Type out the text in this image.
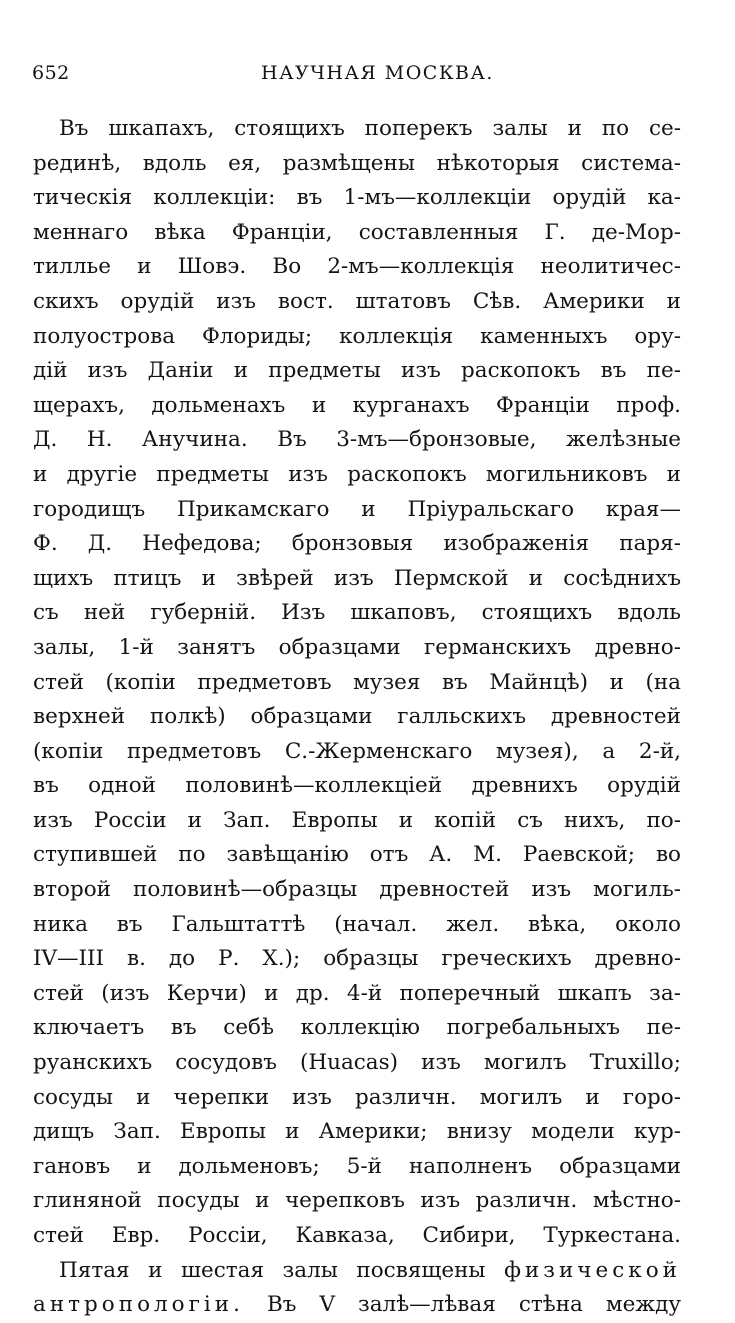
652	НАУЧНАЯ МОСКВА.
Въ шкапахъ, стоящихъ поперекъ залы и по се-
рединѣ, вдоль ея, размѣщены нѣкоторыя система-
тическія коллекціи: въ 1-мъ—коллекціи орудій ка-
меннаго вѣка Франціи, составленныя Г. де-Мор-
тиллье и Шовэ. Во 2-мъ—коллекція неолитичес-
скихъ орудій изъ вост. штатовъ Сѣв. Америки и
полуострова Флориды; коллекція каменныхъ ору-
дій изъ Даніи и предметы изъ раскопокъ въ пе-
щерахъ, дольменахъ и курганахъ Франціи проф.
Д. Н. Анучина. Въ 3-мъ—бронзовые, желѣзные
и другіе предметы изъ раскопокъ могильниковъ и
городищъ Прикамскаго и Пріуральскаго края—
Ф. Д. Нефедова; бронзовыя изображенія паря-
щихъ птицъ и звѣрей изъ Пермской и сосѣднихъ
съ ней губерній. Изъ шкаповъ, стоящихъ вдоль
залы, 1-й занятъ образцами германскихъ древно-
стей (копіи предметовъ музея въ Майнцѣ) и (на
верхней полкѣ) образцами галльскихъ древностей
(копіи предметовъ С.-Жерменскаго музея), а 2-й,
въ одной половинѣ—коллекціей древнихъ орудій
изъ Россіи и Зап. Европы и копій съ нихъ, по-
ступившей по завѣщанію отъ А. М. Раевской; во
второй половинѣ—образцы древностей изъ могиль-
ника въ Гальштаттѣ (начал. жел. вѣка, около
IV—III в. до Р. Х.); образцы греческихъ древно-
стей (изъ Керчи) и др. 4-й поперечный шкапъ за-
ключаетъ въ себѣ коллекцію погребальныхъ пе-
руанскихъ сосудовъ (Huacas) изъ могилъ Truxillo;
сосуды и черепки изъ различн. могилъ и горо-
дищъ Зап. Европы и Америки; внизу модели кур-
гановъ и дольменовъ; 5-й наполненъ образцами
глиняной посуды и черепковъ изъ различн. мѣстно-
стей Евр. Россіи, Кавказа, Сибири, Туркестана.
Пятая и шестая залы посвящены физической
антропологіи. Въ V залѣ—лѣвая стѣна между
